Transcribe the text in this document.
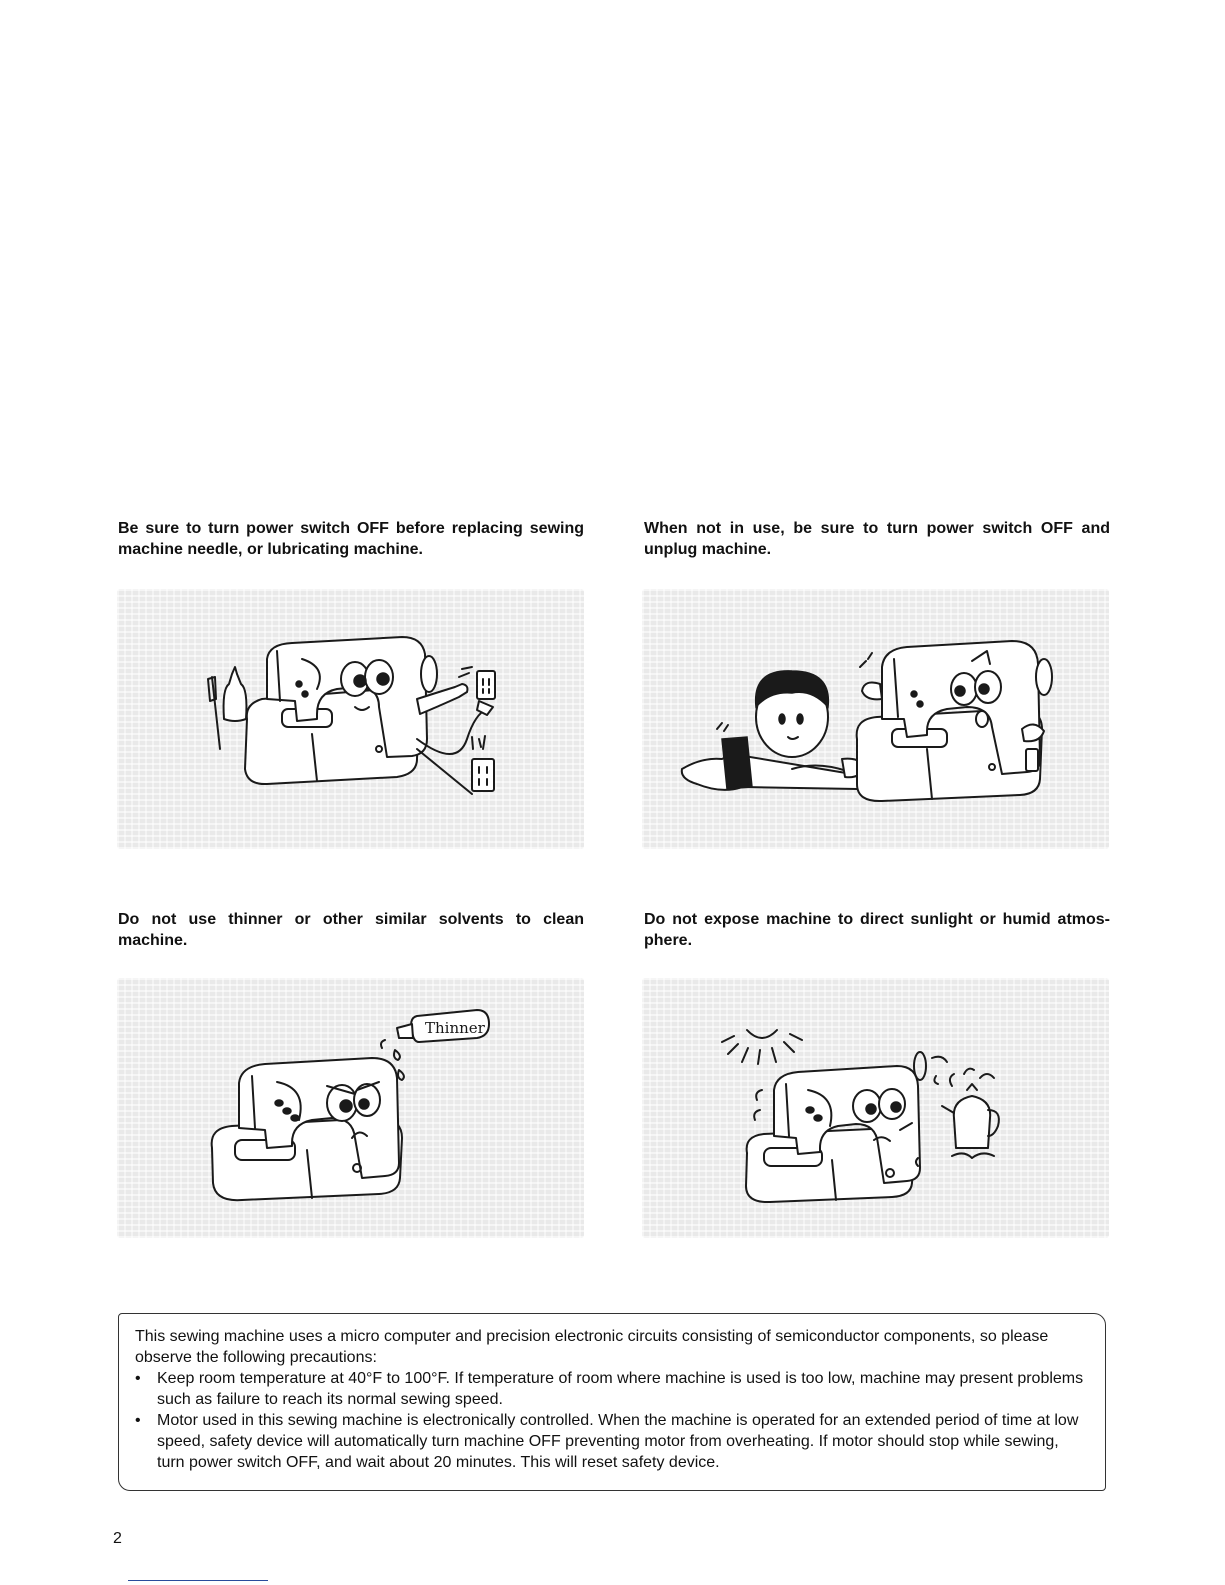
Be sure to turn power switch OFF before replacing sewing machine needle, or lubricating machine.

When not in use, be sure to turn power switch OFF and unplug machine.

Do not use thinner or other similar solvents to clean machine.

Do not expose machine to direct sunlight or humid atmos-phere.

Thinner

This sewing machine uses a micro computer and precision electronic circuits consisting of semiconductor components, so please observe the following precautions:

• Keep room temperature at 40°F to 100°F. If temperature of room where machine is used is too low, machine may present problems such as failure to reach its normal sewing speed.
• Motor used in this sewing machine is electronically controlled. When the machine is operated for an extended period of time at low speed, safety device will automatically turn machine OFF preventing motor from overheating. If motor should stop while sewing, turn power switch OFF, and wait about 20 minutes. This will reset safety device.
2
